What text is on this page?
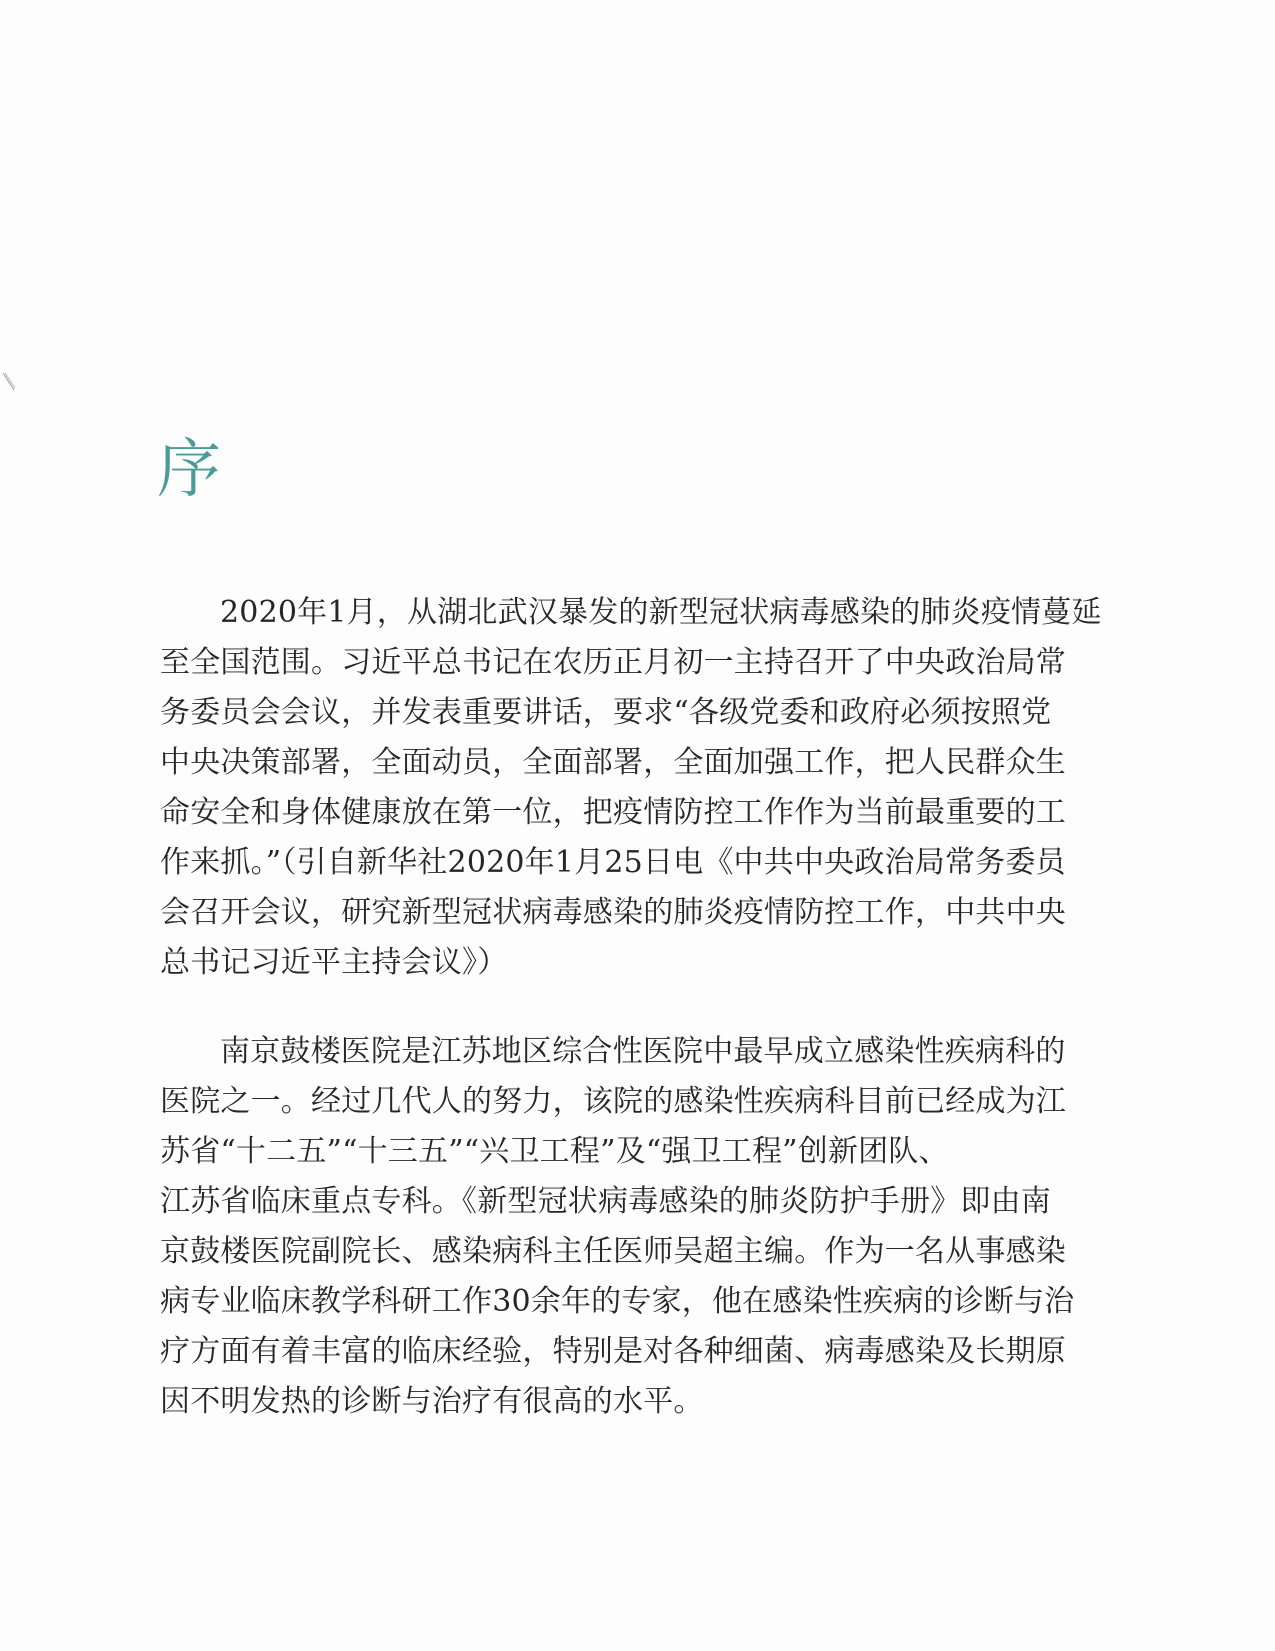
序

2020年1月，从湖北武汉暴发的新型冠状病毒感染的肺炎疫情蔓延
至全国范围。习近平总书记在农历正月初一主持召开了中央政治局常
务委员会会议，并发表重要讲话，要求“各级党委和政府必须按照党
中央决策部署，全面动员，全面部署，全面加强工作，把人民群众生
命安全和身体健康放在第一位，把疫情防控工作作为当前最重要的工
作来抓。”（引自新华社2020年1月25日电《中共中央政治局常务委员
会召开会议，研究新型冠状病毒感染的肺炎疫情防控工作，中共中央
总书记习近平主持会议》）

南京鼓楼医院是江苏地区综合性医院中最早成立感染性疾病科的
医院之一。经过几代人的努力，该院的感染性疾病科目前已经成为江
苏省“十二五”“十三五”“兴卫工程”及“强卫工程”创新团队、
江苏省临床重点专科。《新型冠状病毒感染的肺炎防护手册》即由南
京鼓楼医院副院长、感染病科主任医师吴超主编。作为一名从事感染
病专业临床教学科研工作30余年的专家，他在感染性疾病的诊断与治
疗方面有着丰富的临床经验，特别是对各种细菌、病毒感染及长期原
因不明发热的诊断与治疗有很高的水平。
